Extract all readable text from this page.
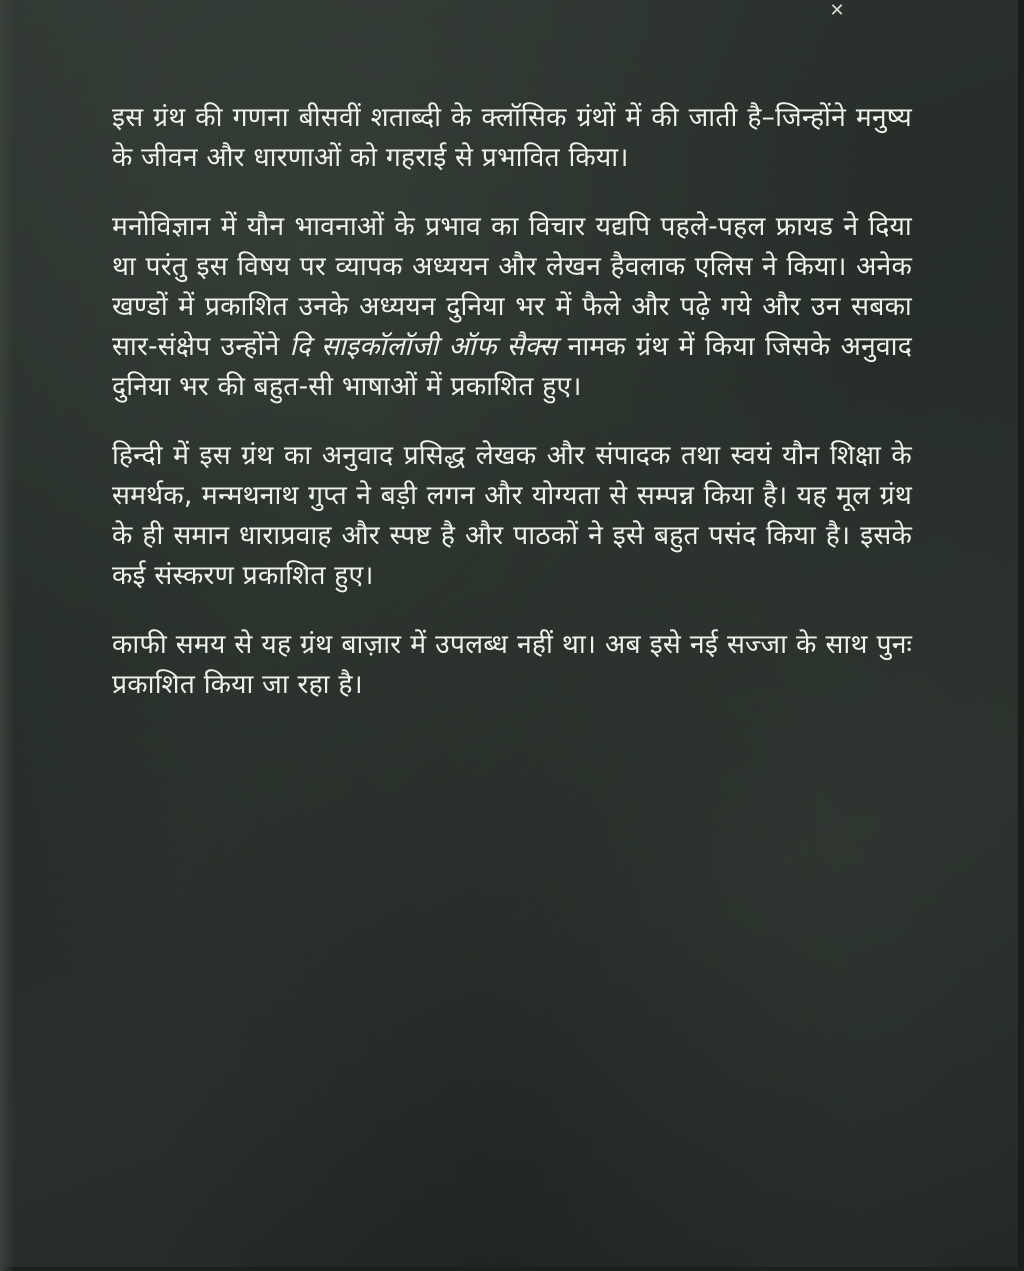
✕

इस ग्रंथ की गणना बीसवीं शताब्दी के क्लॉसिक ग्रंथों में की जाती है–जिन्होंने मनुष्य के जीवन और धारणाओं को गहराई से प्रभावित किया।

मनोविज्ञान में यौन भावनाओं के प्रभाव का विचार यद्यपि पहले-पहल फ्रायड ने दिया था परंतु इस विषय पर व्यापक अध्ययन और लेखन हैवलाक एलिस ने किया। अनेक खण्डों में प्रकाशित उनके अध्ययन दुनिया भर में फैले और पढ़े गये और उन सबका सार-संक्षेप उन्होंने दि साइकॉलॉजी ऑफ सैक्स नामक ग्रंथ में किया जिसके अनुवाद दुनिया भर की बहुत-सी भाषाओं में प्रकाशित हुए।

हिन्दी में इस ग्रंथ का अनुवाद प्रसिद्ध लेखक और संपादक तथा स्वयं यौन शिक्षा के समर्थक, मन्मथनाथ गुप्त ने बड़ी लगन और योग्यता से सम्पन्न किया है। यह मूल ग्रंथ के ही समान धाराप्रवाह और स्पष्ट है और पाठकों ने इसे बहुत पसंद किया है। इसके कई संस्करण प्रकाशित हुए।

काफी समय से यह ग्रंथ बाज़ार में उपलब्ध नहीं था। अब इसे नई सज्जा के साथ पुनः प्रकाशित किया जा रहा है।
